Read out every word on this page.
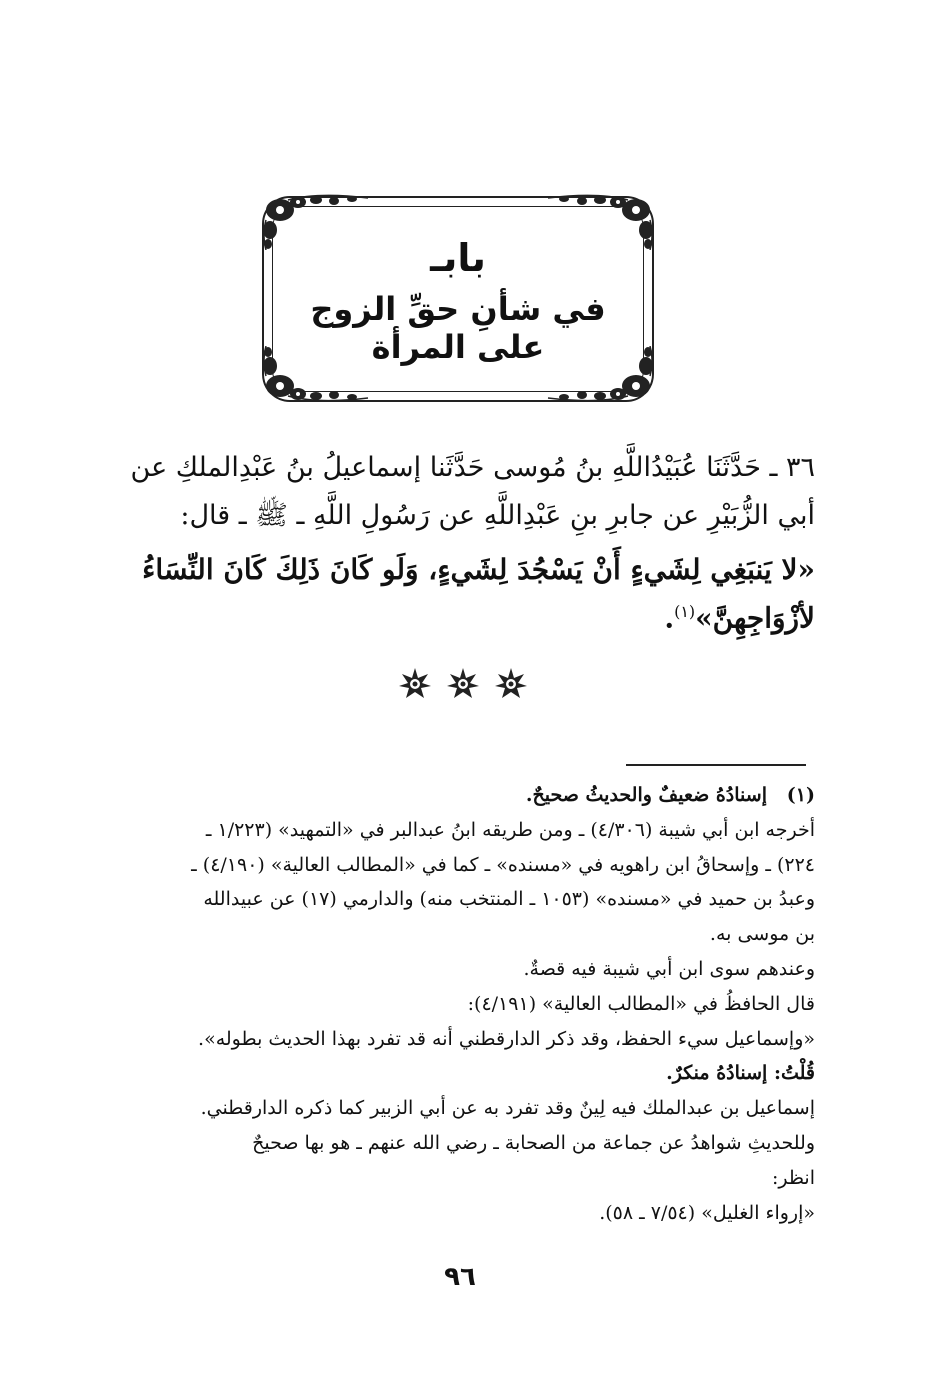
بابـ
في شأنِ حقِّ الزوج على المرأة
٣٦ ـ حَدَّثَنَا عُبَيْدُاللَّهِ بنُ مُوسى حَدَّثَنا إسماعيلُ بنُ عَبْدِالملكِ عن
أبي الزُّبَيْرِ عن جابرِ بنِ عَبْدِاللَّهِ عن رَسُولِ اللَّهِ ـ ﷺ ـ قال:
«لا يَنبَغِي لِشَيءٍ أَنْ يَسْجُدَ لِشَيءٍ، وَلَو كَانَ ذَلِكَ كَانَ النِّسَاءُ
لأزْوَاجِهِنَّ»$^{(١)}$.
(١)إسنادُهُ ضعيفٌ والحديثُ صحيحٌ.
أخرجه ابن أبي شيبة (٤/٣٠٦) ـ ومن طريقه ابنُ عبدالبر في «التمهيد» (١/٢٢٣ ـ
٢٢٤) ـ وإسحاقُ ابن راهويه في «مسنده» ـ كما في «المطالب العالية» (٤/١٩٠) ـ
وعبدُ بن حميد في «مسنده» (١٠٥٣ ـ المنتخب منه) والدارمي (١٧) عن عبيدالله
بن موسى به.
وعندهم سوى ابن أبي شيبة فيه قصةٌ.
قال الحافظُ في «المطالب العالية» (٤/١٩١):
«وإسماعيل سيء الحفظ، وقد ذكر الدارقطني أنه قد تفرد بهذا الحديث بطوله».
قُلْتُ: إسنادُهُ منكرٌ.
إسماعيل بن عبدالملك فيه لِينٌ وقد تفرد به عن أبي الزبير كما ذكره الدارقطني.
وللحديثِ شواهدُ عن جماعة من الصحابة ـ رضي الله عنهم ـ هو بها صحيحٌ
انظر:
«إرواء الغليل» (٧/٥٤ ـ ٥٨).
٩٦
